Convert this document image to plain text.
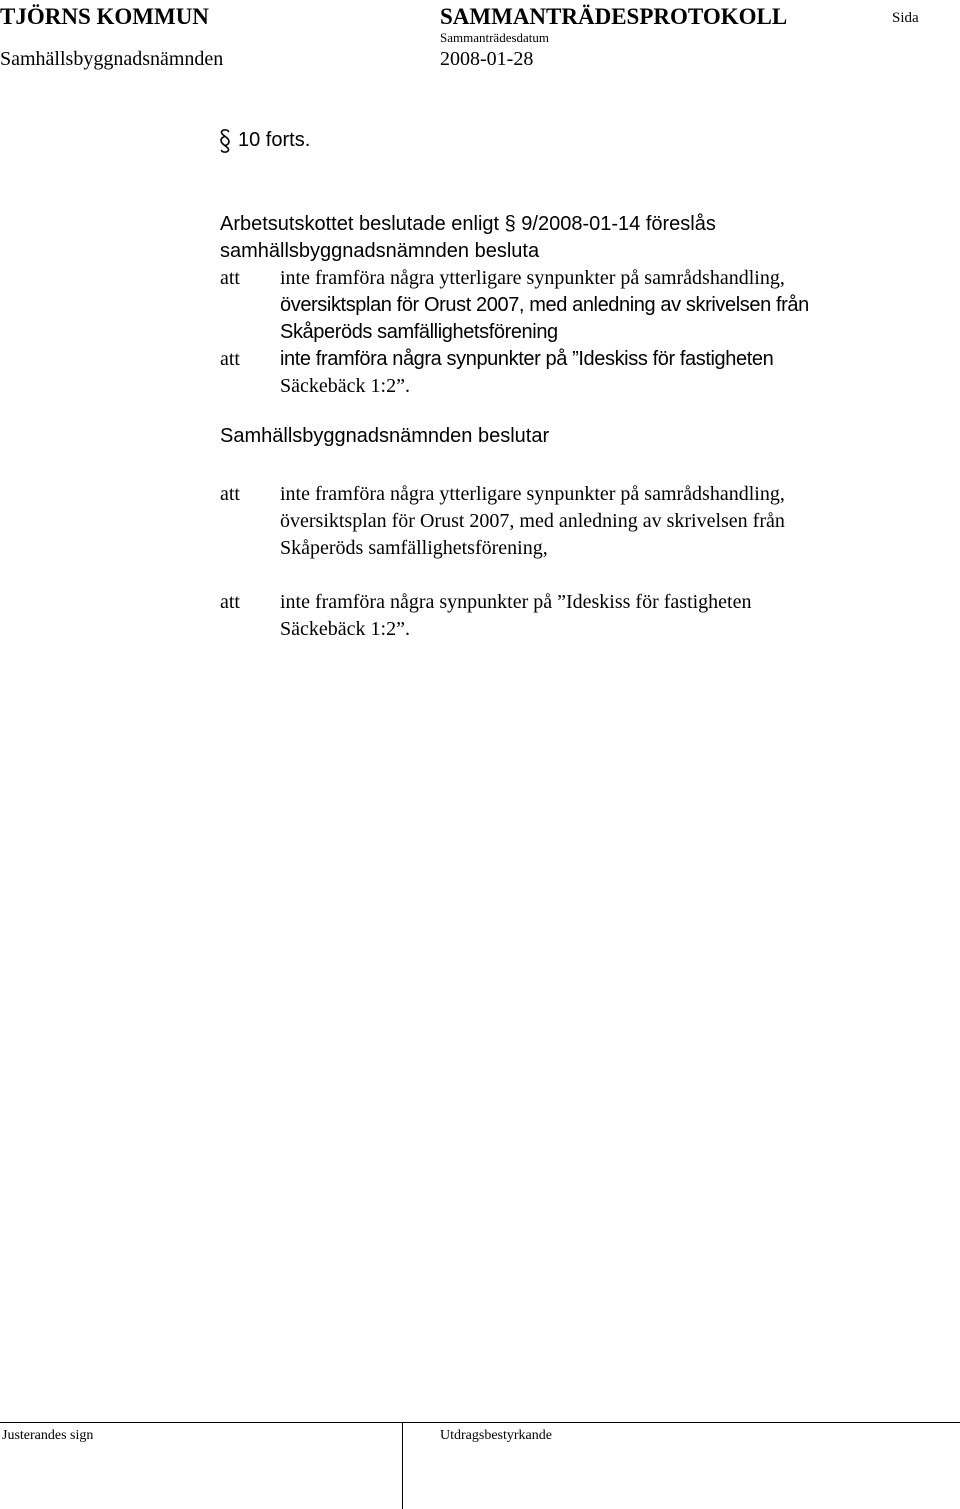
TJÖRNS KOMMUN	SAMMANTRÄDESPROTOKOLL	Sida
Sammanträdesdatum
Samhällsbyggnadsnämnden	2008-01-28
10 forts.
Arbetsutskottet beslutade enligt § 9/2008-01-14 föreslås
samhällsbyggnadsnämnden besluta
att inte framföra några ytterligare synpunkter på samrådshandling,
översiktsplan för Orust 2007, med anledning av skrivelsen från
Skåperöds samfällighetsförening
att inte framföra några synpunkter på ”Ideskiss för fastigheten
Säckebäck 1:2”.
Samhällsbyggnadsnämnden beslutar
att inte framföra några ytterligare synpunkter på samrådshandling,
översiktsplan för Orust 2007, med anledning av skrivelsen från
Skåperöds samfällighetsförening,
att inte framföra några synpunkter på ”Ideskiss för fastigheten
Säckebäck 1:2”.
Justerandes sign	Utdragsbestyrkande
